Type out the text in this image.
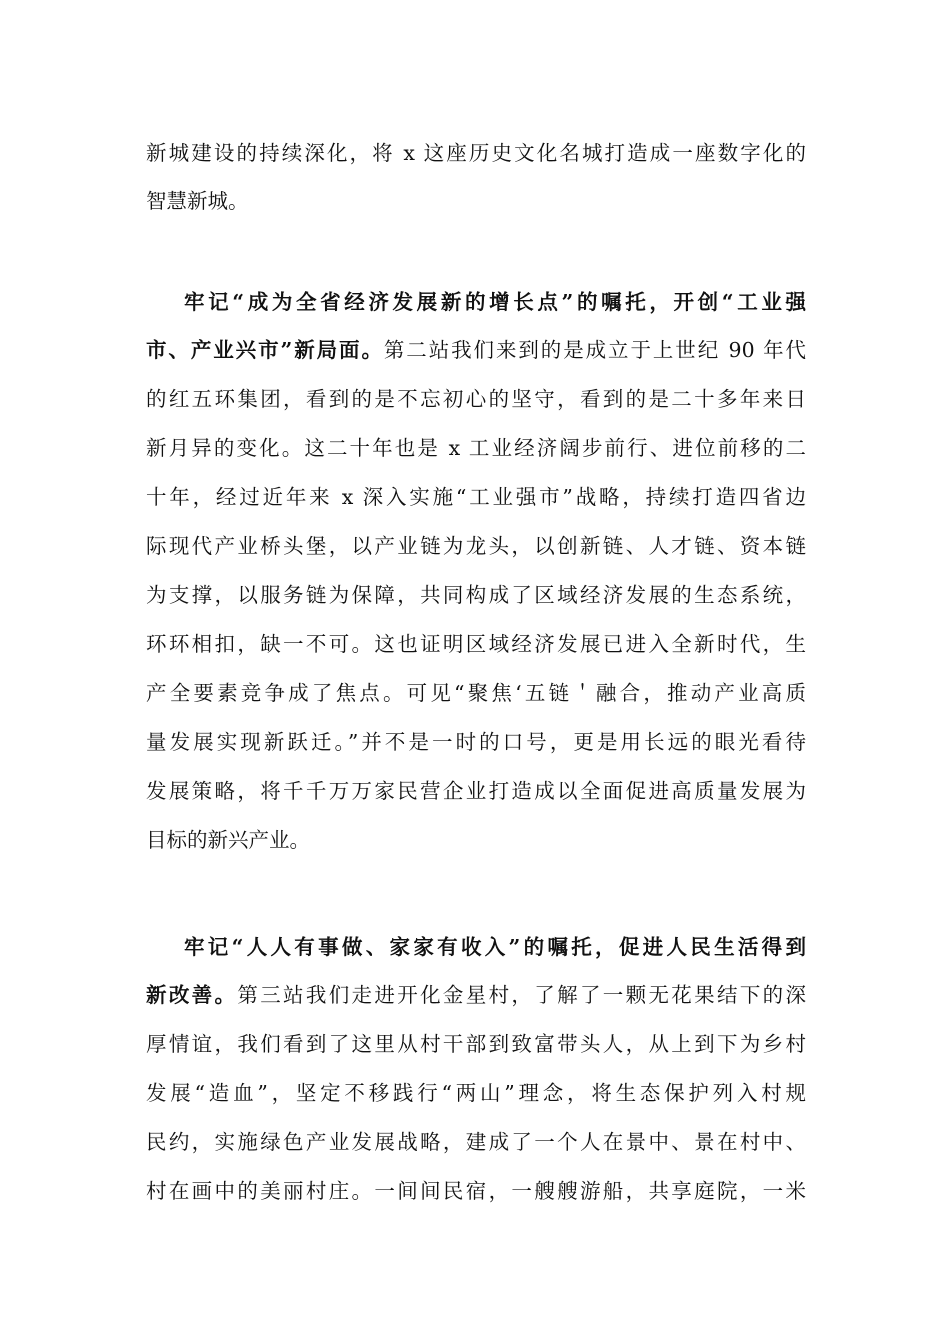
新城建设的持续深化，将 x 这座历史文化名城打造成一座数字化的
智慧新城。
牢记“成为全省经济发展新的增长点”的嘱托，开创“工业强
市、产业兴市”新局面。第二站我们来到的是成立于上世纪 90 年代
的红五环集团，看到的是不忘初心的坚守，看到的是二十多年来日
新月异的变化。这二十年也是 x 工业经济阔步前行、进位前移的二
十年，经过近年来 x 深入实施“工业强市”战略，持续打造四省边
际现代产业桥头堡，以产业链为龙头，以创新链、人才链、资本链
为支撑，以服务链为保障，共同构成了区域经济发展的生态系统，
环环相扣，缺一不可。这也证明区域经济发展已进入全新时代，生
产全要素竞争成了焦点。可见“聚焦‘五链＇融合，推动产业高质
量发展实现新跃迁。”并不是一时的口号，更是用长远的眼光看待
发展策略，将千千万万家民营企业打造成以全面促进高质量发展为
目标的新兴产业。
牢记“人人有事做、家家有收入”的嘱托，促进人民生活得到
新改善。第三站我们走进开化金星村，了解了一颗无花果结下的深
厚情谊，我们看到了这里从村干部到致富带头人，从上到下为乡村
发展“造血”，坚定不移践行“两山”理念，将生态保护列入村规
民约，实施绿色产业发展战略，建成了一个人在景中、景在村中、
村在画中的美丽村庄。一间间民宿，一艘艘游船，共享庭院，一米
